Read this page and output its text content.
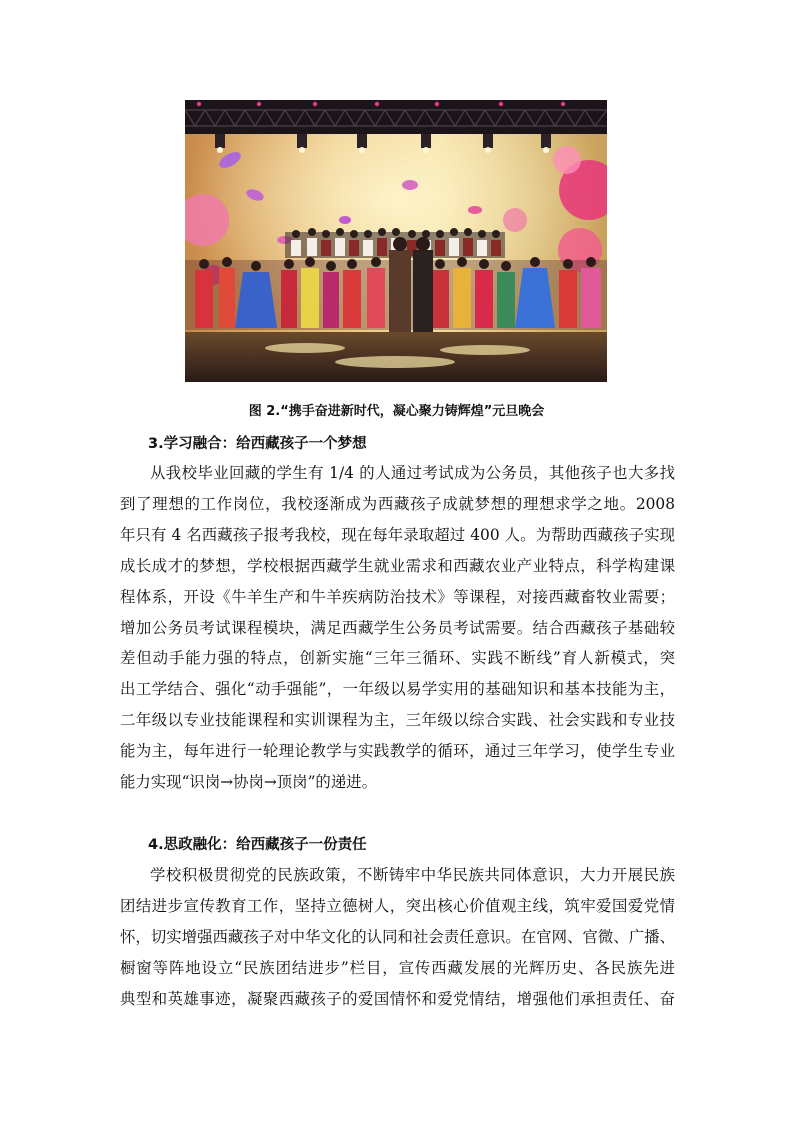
图 2.“携手奋进新时代，凝心聚力铸辉煌”元旦晚会
3.学习融合：给西藏孩子一个梦想

从我校毕业回藏的学生有 1/4 的人通过考试成为公务员，其他孩子也大多找
到了理想的工作岗位，我校逐渐成为西藏孩子成就梦想的理想求学之地。2008
年只有 4 名西藏孩子报考我校，现在每年录取超过 400 人。为帮助西藏孩子实现
成长成才的梦想，学校根据西藏学生就业需求和西藏农业产业特点，科学构建课
程体系，开设《牛羊生产和牛羊疾病防治技术》等课程，对接西藏畜牧业需要；
增加公务员考试课程模块，满足西藏学生公务员考试需要。结合西藏孩子基础较
差但动手能力强的特点，创新实施“三年三循环、实践不断线”育人新模式，突
出工学结合、强化“动手强能”，一年级以易学实用的基础知识和基本技能为主，
二年级以专业技能课程和实训课程为主，三年级以综合实践、社会实践和专业技
能为主，每年进行一轮理论教学与实践教学的循环，通过三年学习，使学生专业
能力实现“识岗→协岗→顶岗”的递进。

4.思政融化：给西藏孩子一份责任

学校积极贯彻党的民族政策，不断铸牢中华民族共同体意识，大力开展民族
团结进步宣传教育工作，坚持立德树人，突出核心价值观主线，筑牢爱国爱党情
怀，切实增强西藏孩子对中华文化的认同和社会责任意识。在官网、官微、广播、
橱窗等阵地设立“民族团结进步”栏目，宣传西藏发展的光辉历史、各民族先进
典型和英雄事迹，凝聚西藏孩子的爱国情怀和爱党情结，增强他们承担责任、奋
